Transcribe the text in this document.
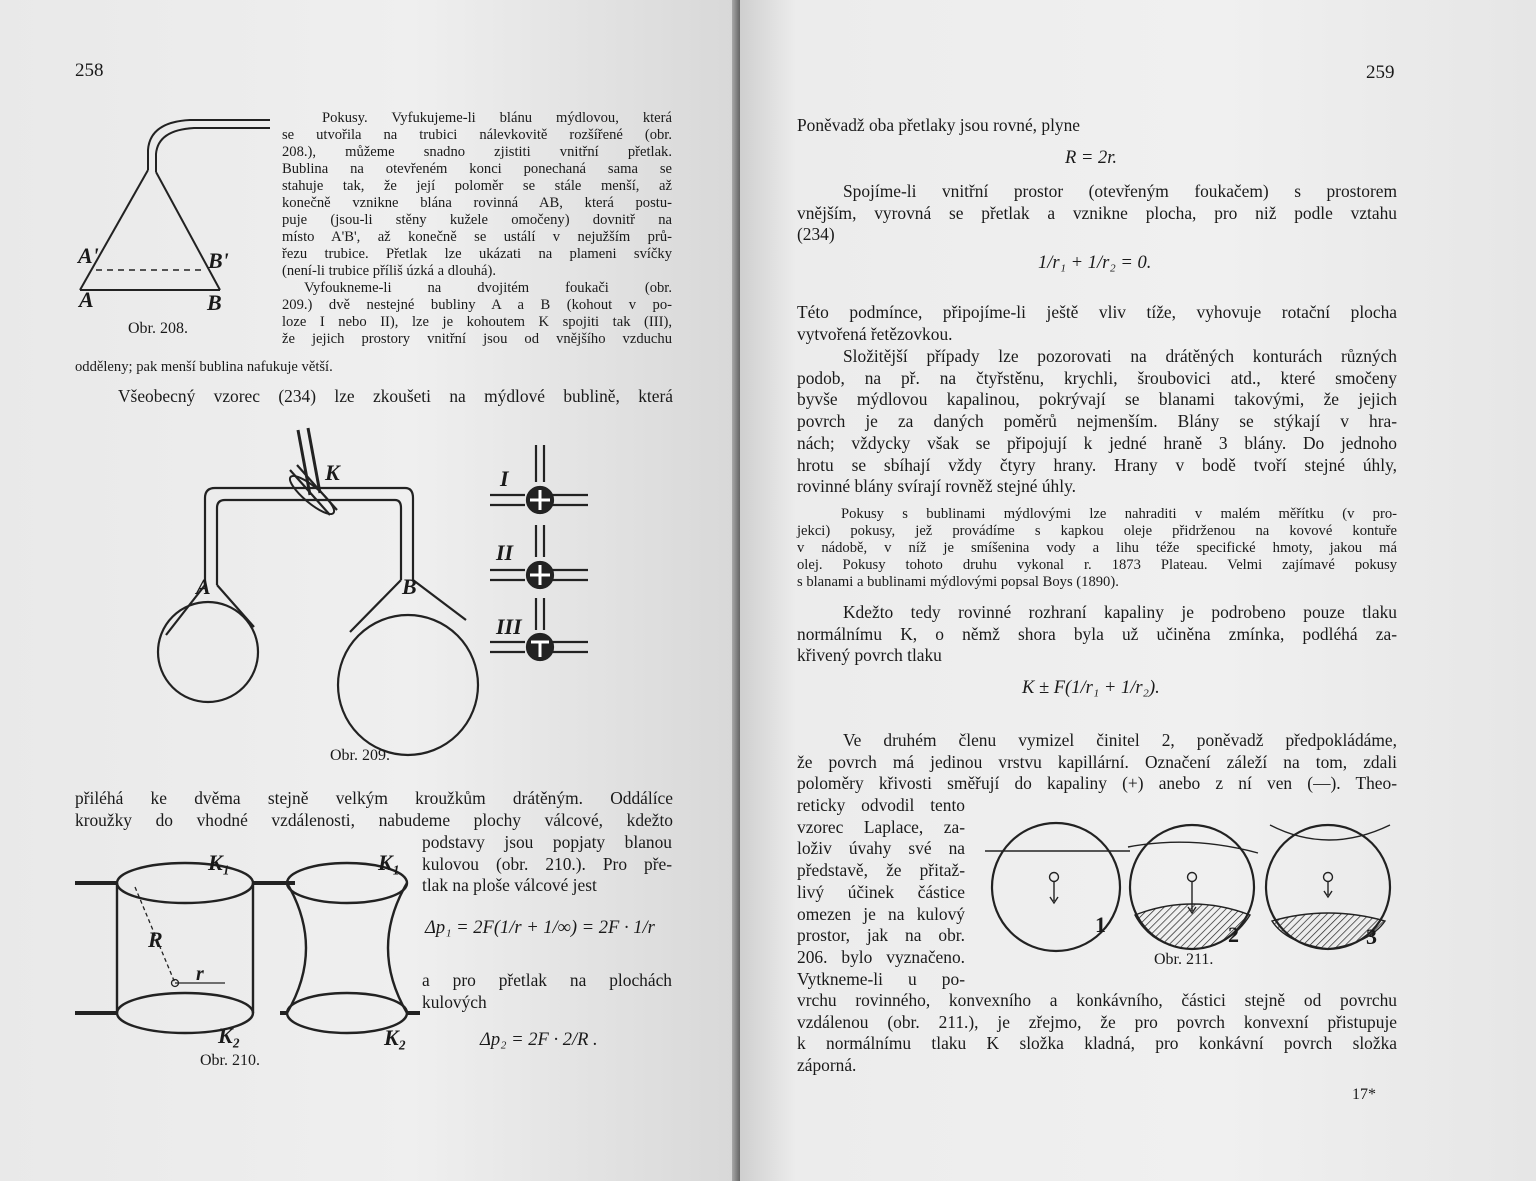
258
A'	B'
A	B
Obr. 208.
Pokusy. Vyfukujeme-li blánu mýdlovou, která
se utvořila na trubici nálevkovitě rozšířené (obr.
208.), můžeme snadno zjistiti vnitřní přetlak.
Bublina na otevřeném konci ponechaná sama se
stahuje tak, že její poloměr se stále menší, až
konečně vznikne blána rovinná AB, která postu-
puje (jsou-li stěny kužele omočeny) dovnitř na
místo A'B', až konečně se ustálí v nejužším prů-
řezu trubice. Přetlak lze ukázati na plameni svíčky
(není-li trubice příliš úzká a dlouhá).
Vyfoukneme-li na dvojitém foukači (obr.
209.) dvě nestejné bubliny A a B (kohout v po-
loze I nebo II), lze je kohoutem K spojiti tak (III),
že jejich prostory vnitřní jsou od vnějšího vzduchu
odděleny; pak menší bublina nafukuje větší.
Všeobecný vzorec (234) lze zkoušeti na mýdlové bublině, která
K
A	B
I
II
III
Obr. 209.
přiléhá ke dvěma stejně velkým kroužkům drátěným. Oddálíce
kroužky do vhodné vzdálenosti, nabudeme plochy válcové, kdežto
K₁	K₁
R
r
K₂	K₂
Obr. 210.
podstavy jsou popjaty blanou
kulovou (obr. 210.). Pro pře-
tlak na ploše válcové jest
Δp₁ = 2F(1/r + 1/∞) = 2F · 1/r
a pro přetlak na plochách
kulových
Δp₂ = 2F · 2/R .
259
Poněvadž oba přetlaky jsou rovné, plyne
R = 2r.
Spojíme-li vnitřní prostor (otevřeným foukačem) s prostorem
vnějším, vyrovná se přetlak a vznikne plocha, pro niž podle vztahu
(234)
1/r₁ + 1/r₂ = 0.
Této podmínce, připojíme-li ještě vliv tíže, vyhovuje rotační plocha
vytvořená řetězovkou.
Složitější případy lze pozorovati na drátěných konturách různých
podob, na př. na čtyřstěnu, krychli, šroubovici atd., které smočeny
byvše mýdlovou kapalinou, pokrývají se blanami takovými, že jejich
povrch je za daných poměrů nejmenším. Blány se stýkají v hra-
nách; vždycky však se připojují k jedné hraně 3 blány. Do jednoho
hrotu se sbíhají vždy čtyry hrany. Hrany v bodě tvoří stejné úhly,
rovinné blány svírají rovněž stejné úhly.
Pokusy s bublinami mýdlovými lze nahraditi v malém měřítku (v pro-
jekci) pokusy, jež provádíme s kapkou oleje přidrženou na kovové kontuře
v nádobě, v níž je smíšenina vody a lihu téže specifické hmoty, jakou má
olej. Pokusy tohoto druhu vykonal r. 1873 Plateau. Velmi zajímavé pokusy
s blanami a bublinami mýdlovými popsal Boys (1890).
Kdežto tedy rovinné rozhraní kapaliny je podrobeno pouze tlaku
normálnímu K, o němž shora byla už učiněna zmínka, podléhá za-
křivený povrch tlaku
K ± F(1/r₁ + 1/r₂).
Ve druhém členu vymizel činitel 2, poněvadž předpokládáme,
že povrch má jedinou vrstvu kapillární. Označení záleží na tom, zdali
poloměry křivosti směřují do kapaliny (+) anebo z ní ven (—). Theo-
reticky odvodil tento
vzorec Laplace, za-
loživ úvahy své na
představě, že přitaž-
livý účinek částice
omezen je na kulový
prostor, jak na obr.
206. bylo vyznačeno.
Vytkneme-li u po-
1	2	3
Obr. 211.
vrchu rovinného, konvexního a konkávního, částici stejně od povrchu
vzdálenou (obr. 211.), je zřejmo, že pro povrch konvexní přistupuje
k normálnímu tlaku K složka kladná, pro konkávní povrch složka
záporná.
17*
